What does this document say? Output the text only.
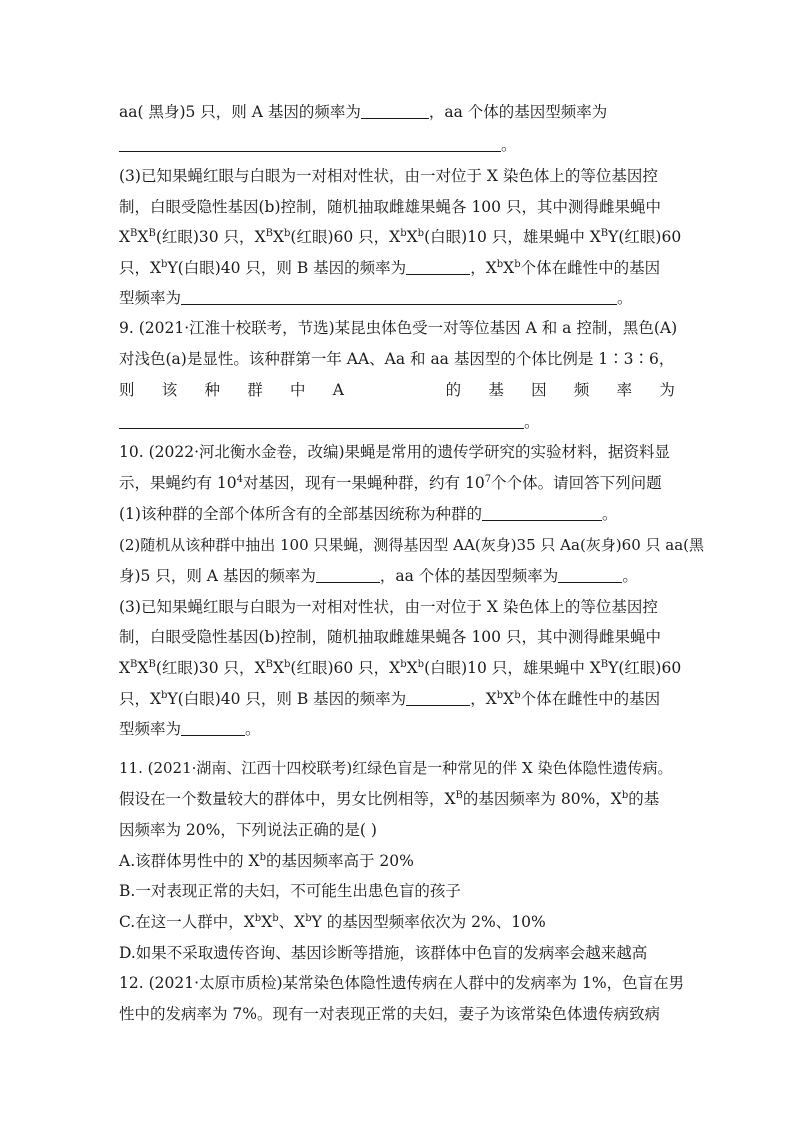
aa( 黑身)5 只，则 A 基因的频率为	，aa 个体的基因型频率为
。
(3)已知果蝇红眼与白眼为一对相对性状，由一对位于 X 染色体上的等位基因控
制，白眼受隐性基因(b)控制，随机抽取雌雄果蝇各 100 只，其中测得雌果蝇中
$X^BX^B$(红眼)30 只，$X^BX^b$(红眼)60 只，$X^bX^b$(白眼)10 只，雄果蝇中 $X^BY$(红眼)60
只，$X^bY$(白眼)40 只，则 B 基因的频率为	，$X^bX^b$个体在雌性中的基因
型频率为	。
9. (2021·江淮十校联考，节选)某昆虫体色受一对等位基因 A 和 a 控制，黑色(A)
对浅色(a)是显性。该种群第一年 AA、Aa 和 aa 基因型的个体比例是 1∶3∶6，
则 该 种 群 中 A	的 基 因 频 率 为
。
10. (2022·河北衡水金卷，改编)果蝇是常用的遗传学研究的实验材料，据资料显
示，果蝇约有 $10^4$对基因，现有一果蝇种群，约有 $10^7$个个体。请回答下列问题
(1)该种群的全部个体所含有的全部基因统称为种群的	。
(2)随机从该种群中抽出 100 只果蝇，测得基因型 AA(灰身)35 只 Aa(灰身)60 只 aa(黑
身)5 只，则 A 基因的频率为	，aa 个体的基因型频率为	。
(3)已知果蝇红眼与白眼为一对相对性状，由一对位于 X 染色体上的等位基因控
制，白眼受隐性基因(b)控制，随机抽取雌雄果蝇各 100 只，其中测得雌果蝇中
$X^BX^B$(红眼)30 只，$X^BX^b$(红眼)60 只，$X^bX^b$(白眼)10 只，雄果蝇中 $X^BY$(红眼)60
只，$X^bY$(白眼)40 只，则 B 基因的频率为	，$X^bX^b$个体在雌性中的基因
型频率为	。
11. (2021·湖南、江西十四校联考)红绿色盲是一种常见的伴 X 染色体隐性遗传病。
假设在一个数量较大的群体中，男女比例相等，$X^B$的基因频率为 80%，$X^b$的基
因频率为 20%，下列说法正确的是( )
A.该群体男性中的 $X^b$的基因频率高于 20%
B.一对表现正常的夫妇，不可能生出患色盲的孩子
C.在这一人群中，$X^bX^b$、$X^bY$ 的基因型频率依次为 2%、10%
D.如果不采取遗传咨询、基因诊断等措施，该群体中色盲的发病率会越来越高
12. (2021·太原市质检)某常染色体隐性遗传病在人群中的发病率为 1%，色盲在男
性中的发病率为 7%。现有一对表现正常的夫妇，妻子为该常染色体遗传病致病
